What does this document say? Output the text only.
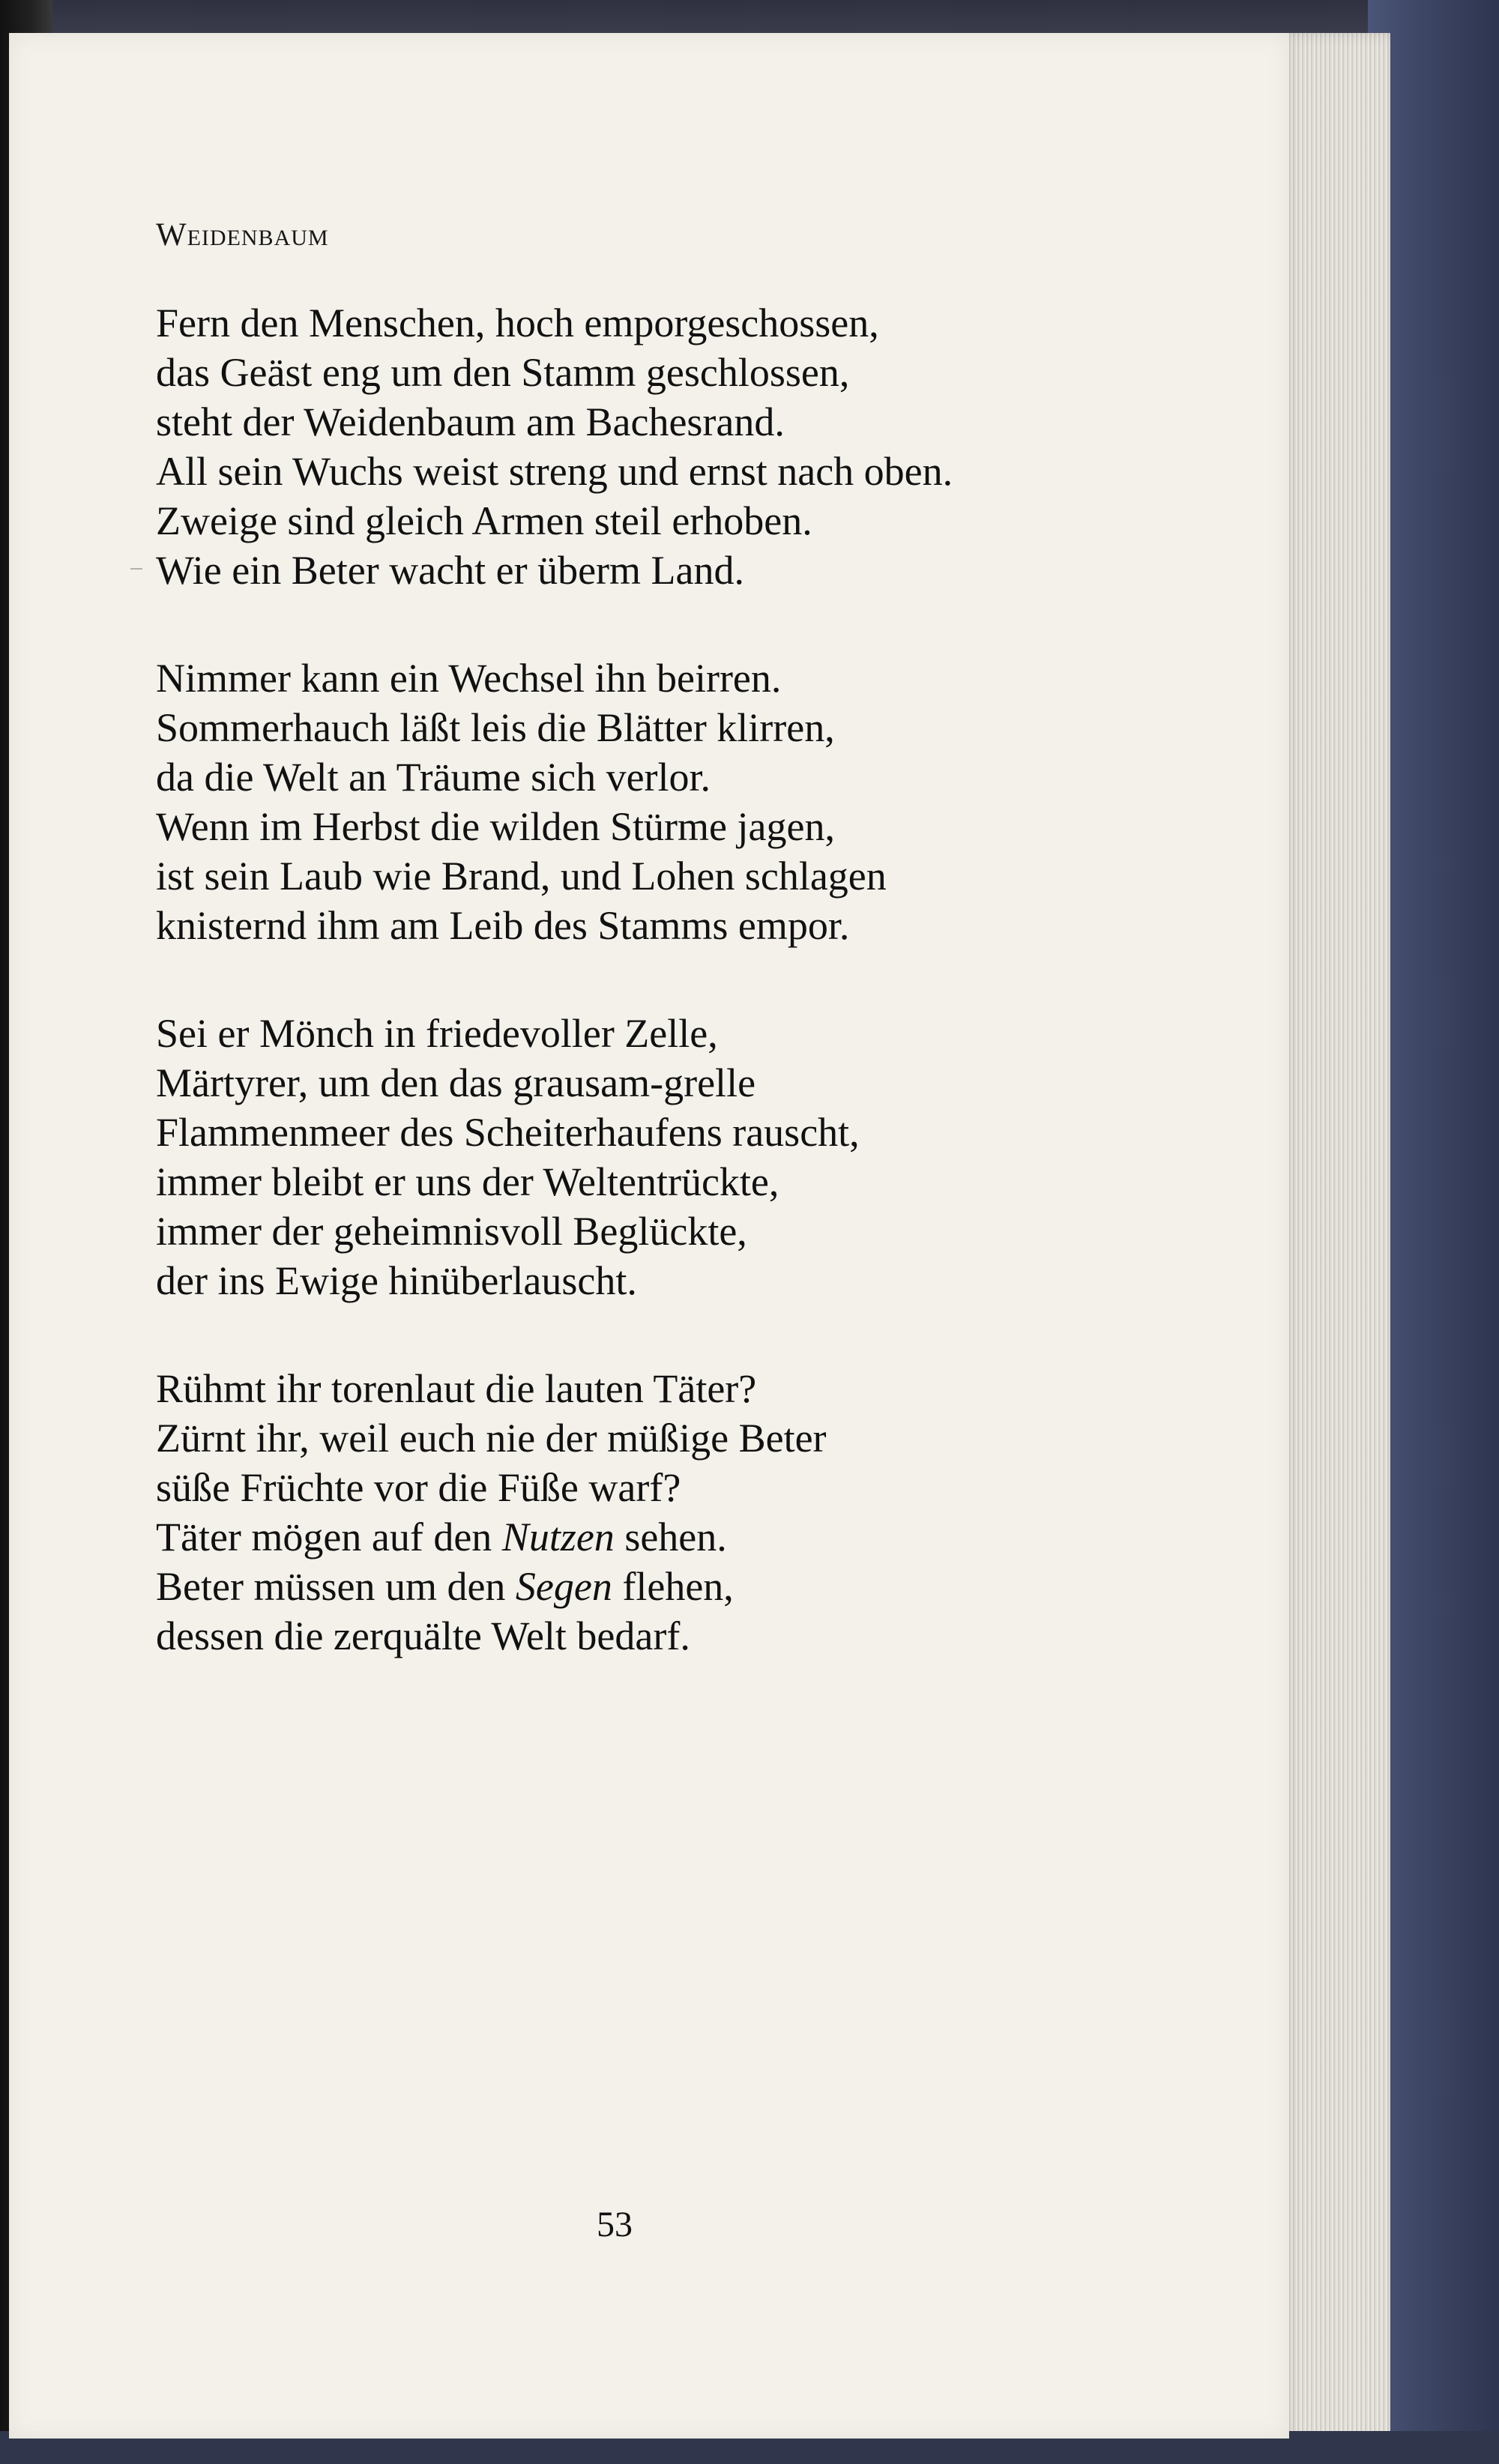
Weidenbaum
Fern den Menschen, hoch emporgeschossen,
das Geäst eng um den Stamm geschlossen,
steht der Weidenbaum am Bachesrand.
All sein Wuchs weist streng und ernst nach oben.
Zweige sind gleich Armen steil erhoben.
Wie ein Beter wacht er überm Land.
Nimmer kann ein Wechsel ihn beirren.
Sommerhauch läßt leis die Blätter klirren,
da die Welt an Träume sich verlor.
Wenn im Herbst die wilden Stürme jagen,
ist sein Laub wie Brand, und Lohen schlagen
knisternd ihm am Leib des Stamms empor.
Sei er Mönch in friedevoller Zelle,
Märtyrer, um den das grausam-grelle
Flammenmeer des Scheiterhaufens rauscht,
immer bleibt er uns der Weltentrückte,
immer der geheimnisvoll Beglückte,
der ins Ewige hinüberlauscht.
Rühmt ihr torenlaut die lauten Täter?
Zürnt ihr, weil euch nie der müßige Beter
süße Früchte vor die Füße warf?
Täter mögen auf den Nutzen sehen.
Beter müssen um den Segen flehen,
dessen die zerquälte Welt bedarf.
53
